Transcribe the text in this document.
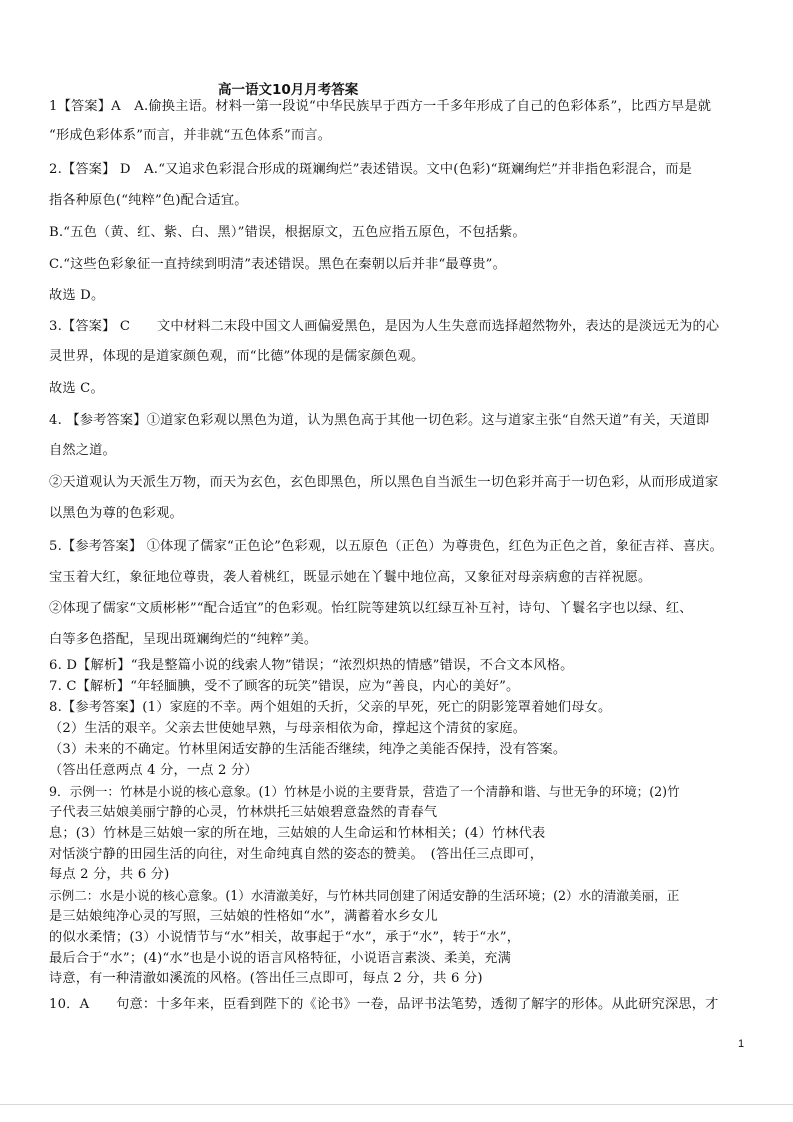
高一语文10月月考答案
1【答案】A　A.偷换主语。材料一第一段说“中华民族早于西方一千多年形成了自己的色彩体系”，比西方早是就
“形成色彩体系”而言，并非就“五色体系”而言。
2.【答案】 D　A.“又追求色彩混合形成的斑斓绚烂”表述错误。文中(色彩)“斑斓绚烂”并非指色彩混合，而是
指各种原色(“纯粹”色)配合适宜。
B.“五色（黄、红、紫、白、黑）”错误，根据原文，五色应指五原色，不包括紫。
C.“这些色彩象征一直持续到明清”表述错误。黑色在秦朝以后并非“最尊贵”。
故选 D。
3.【答案】 C　　文中材料二末段中国文人画偏爱黑色，是因为人生失意而选择超然物外，表达的是淡远无为的心
灵世界，体现的是道家颜色观，而“比德”体现的是儒家颜色观。
故选 C。
4. 【参考答案】①道家色彩观以黑色为道，认为黑色高于其他一切色彩。这与道家主张“自然天道”有关，天道即
自然之道。
②天道观认为天派生万物，而天为玄色，玄色即黑色，所以黑色自当派生一切色彩并高于一切色彩，从而形成道家
以黑色为尊的色彩观。
5.【参考答案】 ①体现了儒家“正色论”色彩观，以五原色（正色）为尊贵色，红色为正色之首，象征吉祥、喜庆。
宝玉着大红，象征地位尊贵，袭人着桃红，既显示她在丫鬟中地位高，又象征对母亲病愈的吉祥祝愿。
②体现了儒家“文质彬彬”“配合适宜”的色彩观。怡红院等建筑以红绿互补互衬，诗句、丫鬟名字也以绿、红、
白等多色搭配，呈现出斑斓绚烂的“纯粹”美。
6. D【解析】“我是整篇小说的线索人物”错误；“浓烈炽热的情感”错误，不合文本风格。
7. C【解析】“年轻腼腆，受不了顾客的玩笑”错误，应为“善良，内心的美好”。
8.【参考答案】(1）家庭的不幸。两个姐姐的夭折，父亲的早死，死亡的阴影笼罩着她们母女。
（2）生活的艰辛。父亲去世使她早熟，与母亲相依为命，撑起这个清贫的家庭。
（3）未来的不确定。竹林里闲适安静的生活能否继续，纯净之美能否保持，没有答案。
（答出任意两点 4 分，一点 2 分）
9．示例一：竹林是小说的核心意象。(1）竹林是小说的主要背景，营造了一个清静和谐、与世无争的环境；(2)竹
子代表三姑娘美丽宁静的心灵，竹林烘托三姑娘碧意盎然的青春气
息；(3）竹林是三姑娘一家的所在地，三姑娘的人生命运和竹林相关；(4）竹林代表
对恬淡宁静的田园生活的向往，对生命纯真自然的姿态的赞美。　(答出任三点即可，
每点 2 分，共 6 分)
示例二：水是小说的核心意象。(1）水清澈美好，与竹林共同创建了闲适安静的生活环境；(2）水的清澈美丽，正
是三姑娘纯净心灵的写照，三姑娘的性格如“水”，满蓄着水乡女儿
的似水柔情；(3）小说情节与“水”相关，故事起于“水”，承于“水”，转于“水”，
最后合于“水”；(4)“水”也是小说的语言风格特征，小说语言素淡、柔美，充满
诗意，有一种清澈如溪流的风格。(答出任三点即可，每点 2 分，共 6 分)
10．A　　句意：十多年来，臣看到陛下的《论书》一卷，品评书法笔势，透彻了解字的形体。从此研究深思，才
1
